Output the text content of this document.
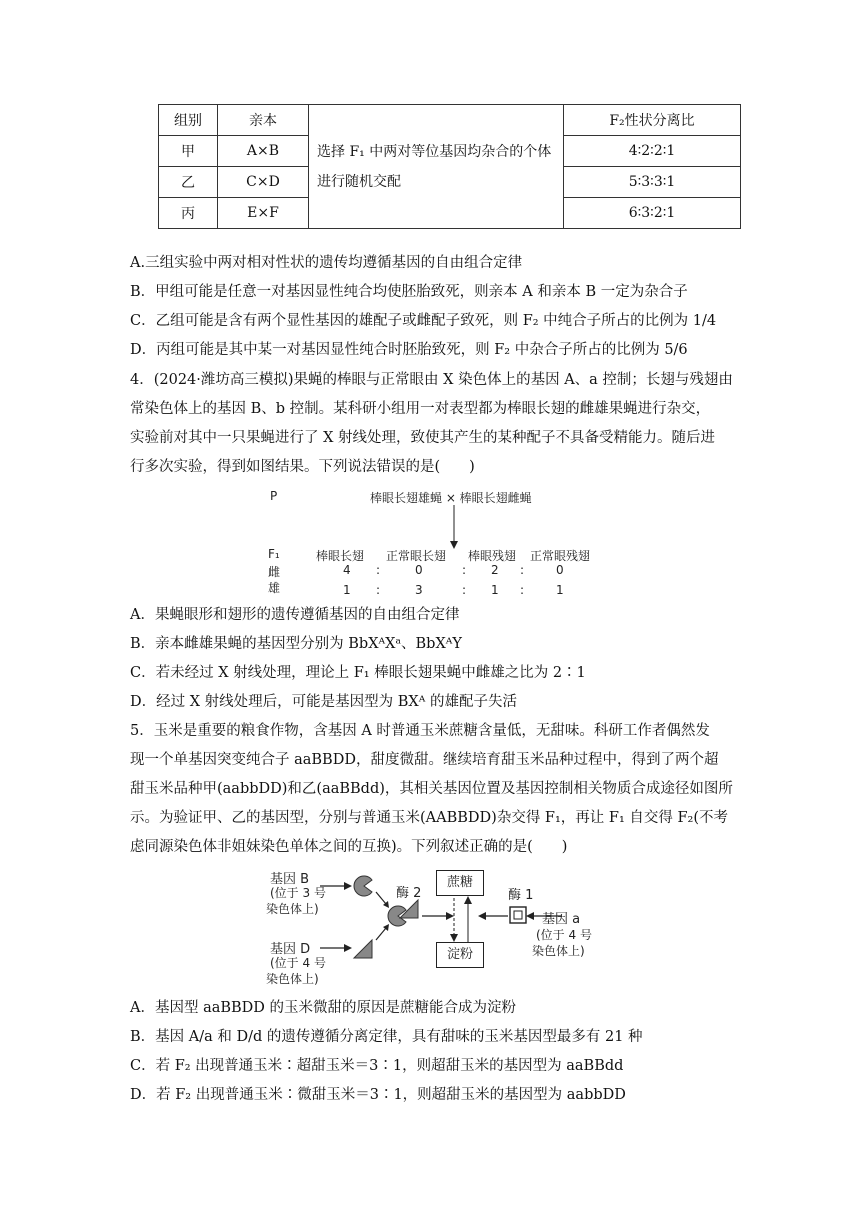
组别	亲本	选择 F₁ 中两对等位基因均杂合的个体进行随机交配	F₂性状分离比
甲	A×B		4∶2∶2∶1
乙	C×D		5∶3∶3∶1
丙	E×F		6∶3∶2∶1
A.三组实验中两对相对性状的遗传均遵循基因的自由组合定律
B．甲组可能是任意一对基因显性纯合均使胚胎致死，则亲本 A 和亲本 B 一定为杂合子
C．乙组可能是含有两个显性基因的雄配子或雌配子致死，则 F₂ 中纯合子所占的比例为 1/4
D．丙组可能是其中某一对基因显性纯合时胚胎致死，则 F₂ 中杂合子所占的比例为 5/6
4．(2024·潍坊高三模拟)果蝇的棒眼与正常眼由 X 染色体上的基因 A、a 控制；长翅与残翅由
常染色体上的基因 B、b 控制。某科研小组用一对表型都为棒眼长翅的雌雄果蝇进行杂交，
实验前对其中一只果蝇进行了 X 射线处理，致使其产生的某种配子不具备受精能力。随后进
行多次实验，得到如图结果。下列说法错误的是(　　)
P	棒眼长翅雄蝇 × 棒眼长翅雌蝇
F₁	棒眼长翅 正常眼长翅 棒眼残翅 正常眼残翅
雌	4 :	0	: 2 :	0
雄	1 :	3	: 1 :	1
A．果蝇眼形和翅形的遗传遵循基因的自由组合定律
B．亲本雌雄果蝇的基因型分别为 BbXᴬXᵃ、BbXᴬY
C．若未经过 X 射线处理，理论上 F₁ 棒眼长翅果蝇中雌雄之比为 2∶1
D．经过 X 射线处理后，可能是基因型为 BXᴬ 的雄配子失活
5．玉米是重要的粮食作物，含基因 A 时普通玉米蔗糖含量低，无甜味。科研工作者偶然发
现一个单基因突变纯合子 aaBBDD，甜度微甜。继续培育甜玉米品种过程中，得到了两个超
甜玉米品种甲(aabbDD)和乙(aaBBdd)，其相关基因位置及基因控制相关物质合成途径如图所
示。为验证甲、乙的基因型，分别与普通玉米(AABBDD)杂交得 F₁，再让 F₁ 自交得 F₂(不考
虑同源染色体非姐妹染色单体之间的互换)。下列叙述正确的是(　　)
基因 B
(位于 3 号
染色体上)
基因 D
(位于 4 号
染色体上)
酶 2
蔗糖
淀粉
酶 1
基因 a
(位于 4 号
染色体上)
A．基因型 aaBBDD 的玉米微甜的原因是蔗糖能合成为淀粉
B．基因 A/a 和 D/d 的遗传遵循分离定律，具有甜味的玉米基因型最多有 21 种
C．若 F₂ 出现普通玉米∶超甜玉米＝3∶1，则超甜玉米的基因型为 aaBBdd
D．若 F₂ 出现普通玉米∶微甜玉米＝3∶1，则超甜玉米的基因型为 aabbDD
